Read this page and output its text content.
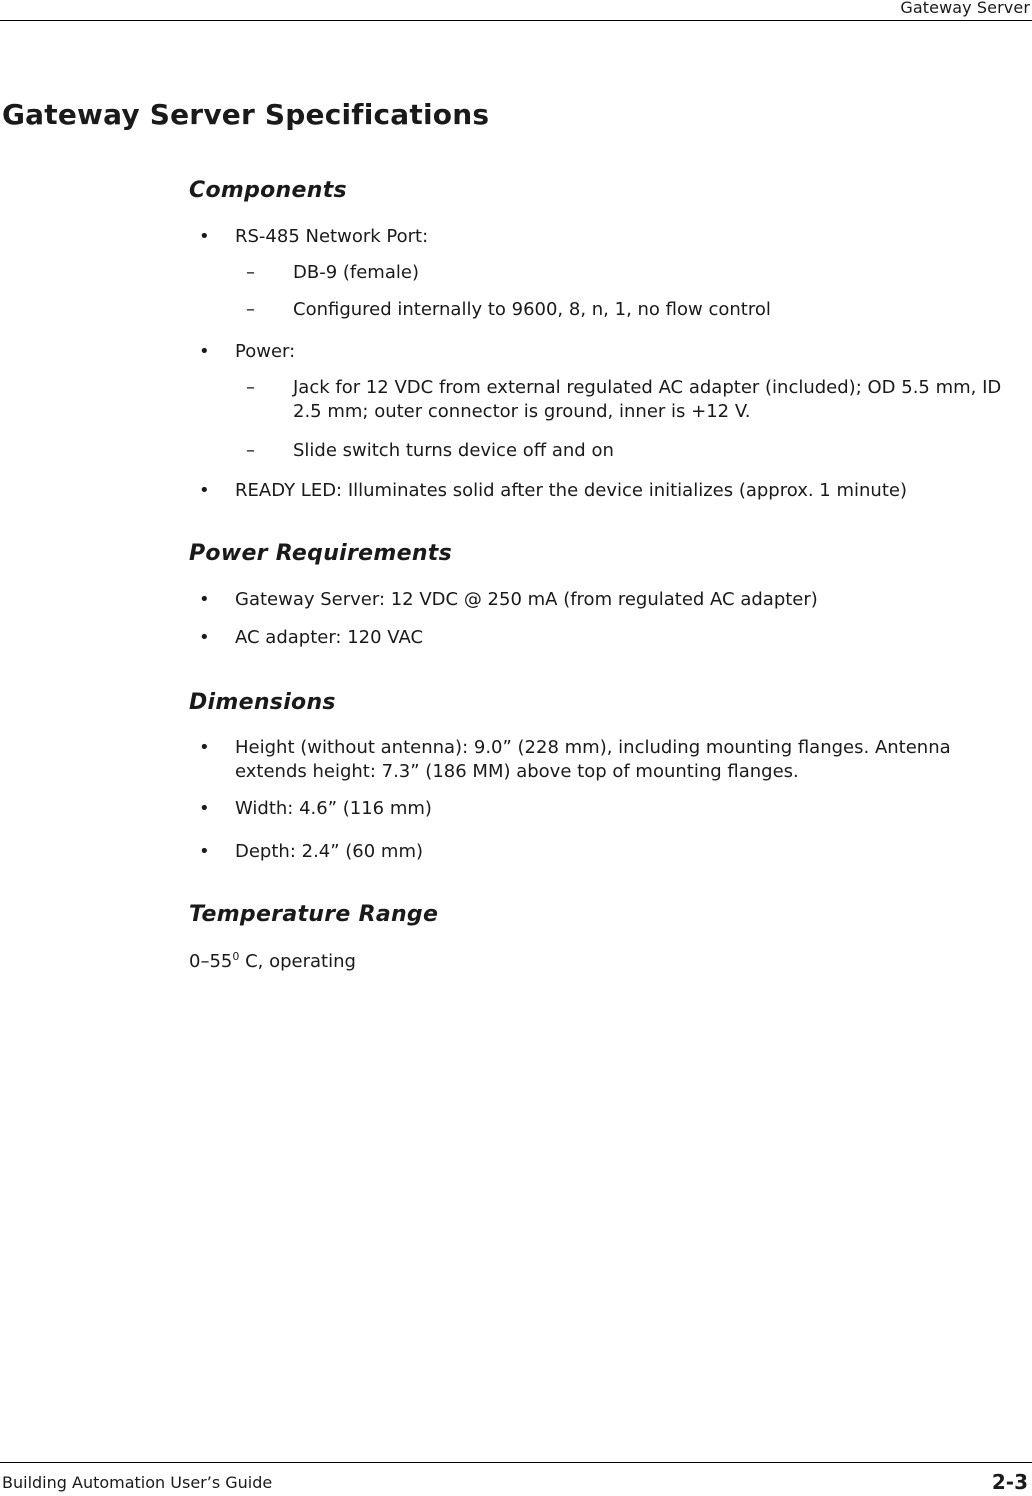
Gateway Server
Gateway Server Specifications
Components
• RS-485 Network Port:
– DB-9 (female)
– Configured internally to 9600, 8, n, 1, no flow control
• Power:
– Jack for 12 VDC from external regulated AC adapter (included); OD 5.5 mm, ID 2.5 mm; outer connector is ground, inner is +12 V.
– Slide switch turns device off and on
• READY LED: Illuminates solid after the device initializes (approx. 1 minute)
Power Requirements
• Gateway Server: 12 VDC @ 250 mA (from regulated AC adapter)
• AC adapter: 120 VAC
Dimensions
• Height (without antenna): 9.0” (228 mm), including mounting flanges. Antenna extends height: 7.3” (186 MM) above top of mounting flanges.
• Width: 4.6” (116 mm)
• Depth: 2.4” (60 mm)
Temperature Range
$0-55^0$ C, operating
Building Automation User’s Guide	2-3
